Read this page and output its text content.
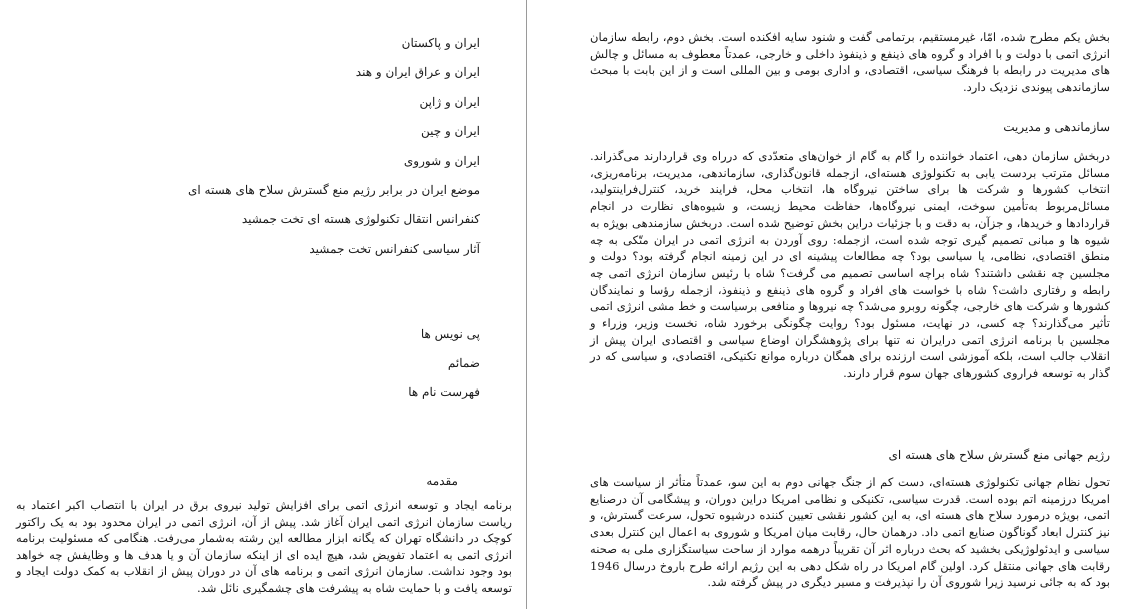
ایران و پاکستان
ایران و عراق ایران و هند
ایران و ژاپن
ایران و چین
ایران و شوروی
موضع ایران در برابر رژیم منع گسترش سلاح های هسته ای
کنفرانس انتقال تکنولوژی هسته ای تخت جمشید
آثار سیاسی کنفرانس تخت جمشید
پی نویس ها
ضمائم
فهرست نام ها
مقدمه

برنامه ایجاد و توسعه انرژی اتمی برای افزایش تولید نیروی برق در ایران با انتصاب اکبر اعتماد به ریاست سازمان انرژی اتمی ایران آغاز شد. پیش از آن، انرژی اتمی در ایران محدود بود به یک راکتور کوچک در دانشگاه تهران که یگانه ابزار مطالعه این رشته به‌شمار می‌رفت. هنگامی که مسئولیت برنامه انرژی اتمی به اعتماد تفویض شد، هیچ ایده ای از اینکه سازمان آن و یا هدف ها و وظایفش چه خواهد بود وجود نداشت. سازمان انرژی اتمی و برنامه های آن در دوران پیش از انقلاب به کمک دولت ایجاد و توسعه یافت و با حمایت شاه به پیشرفت های چشمگیری نائل شد.

بخش یکم مطرح شده، امّا، غیرمستقیم، برتمامی گفت و شنود سایه افکنده است. بخش دوم، رابطه سازمان انرژی اتمی با دولت و با افراد و گروه های ذینفع و ذینفوذ داخلی و خارجی، عمدتاً معطوف به مسائل و چالش های مدیریت در رابطه با فرهنگ سیاسی، اقتصادی، و اداری بومی و بین المللی است و از این بابت با مبحث سازماندهی پیوندی نزدیک دارد.

سازماندهی و مدیریت

دربخش سازمان دهی، اعتماد خواننده را گام به گام از خوان‌های متعدّدی که درراه وی قراردارند می‌گذراند. مسائل مترتب بردست یابی به تکنولوژی هسته‌ای، ازجمله قانون‌گذاری، سازماندهی، مدیریت، برنامه‌ریزی، انتخاب کشورها و شرکت ها برای ساختن نیروگاه ها، انتخاب محل، فرایند خرید، کنترل‌فراینتولید، مسائل‌مربوط به‌تأمین سوخت، ایمنی نیروگاه‌ها، حفاظت محیط زیست، و شیوه‌های نظارت در انجام قراردادها و خریدها، و جزآن، به دقت و با جزئیات دراین بخش توضیح شده است. دربخش سازمندهی بویژه به شیوه ها و مبانی تصمیم گیری توجه شده است، ازجمله: روی آوردن به انرژی اتمی در ایران متّکی به چه منطق اقتصادی، نظامی، یا سیاسی بود؟ چه مطالعات پیشینه ای در این زمینه انجام گرفته بود؟ دولت و مجلسین چه نقشی داشتند؟ شاه براچه اساسی تصمیم می گرفت؟ شاه با رئیس سازمان انرژی اتمی چه رابطه و رفتاری داشت؟ شاه با خواست های افراد و گروه های ذینفع و ذینفوذ، ازجمله رؤسا و نمایندگان کشورها و شرکت های خارجی، چگونه روبرو می‌شد؟ چه نیروها و منافعی برسیاست و خط مشی انرژی اتمی تأثیر می‌گذارند؟ چه کسی، در نهایت، مسئول بود؟ روایت چگونگی برخورد شاه، نخست وزیر، وزراء و مجلسین با برنامه انرژی اتمی درایران نه تنها برای پژوهشگران اوضاع سیاسی و اقتصادی ایران پیش از انقلاب جالب است، بلکه آموزشی است ارزنده برای همگان درباره موانع تکنیکی، اقتصادی، و سیاسی که در گذار به توسعه فراروی کشورهای جهان سوم قرار دارند.

رژیم جهانی منع گسترش سلاح های هسته ای

تحول نظام جهانی تکنولوژی هسته‌ای، دست کم از جنگ جهانی دوم به این سو، عمدتاً متأثر از سیاست های امریکا درزمینه اتم بوده است. قدرت سیاسی، تکنیکی و نظامی امریکا دراین دوران، و پیشگامی آن درصنایع اتمی، بویژه درمورد سلاح های هسته ای، به این کشور نقشی تعیین کننده درشیوه تحول، سرعت گسترش، و نیز کنترل ابعاد گوناگون صنایع اتمی داد. درهمان حال، رقابت میان امریکا و شوروی به اعمال این کنترل بعدی سیاسی و ایدئولوژیکی بخشید که بحث درباره اثر آن تقریباً درهمه موارد از ساحت سیاستگزاری ملی به صحنه رقابت های جهانی منتقل کرد. اولین گام امریکا در راه شکل دهی به این رژیم ارائه طرح باروخ درسال 1946 بود که به جائی نرسید زیرا شوروی آن را نپذیرفت و مسیر دیگری در پیش گرفته شد.
